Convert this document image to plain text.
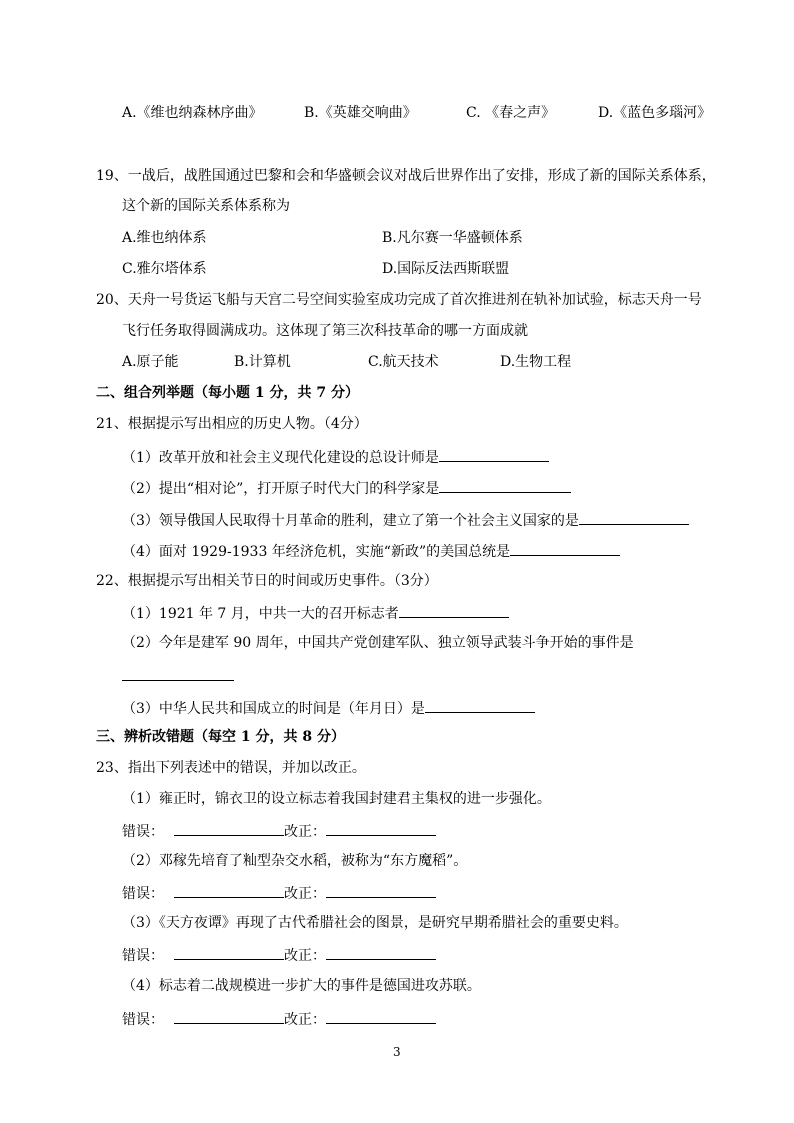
A.《维也纳森林序曲》	B.《英雄交响曲》	C. 《春之声》	D.《蓝色多瑙河》
19、一战后，战胜国通过巴黎和会和华盛顿会议对战后世界作出了安排，形成了新的国际关系体系，
这个新的国际关系体系称为
A.维也纳体系	B.凡尔赛一华盛顿体系
C.雅尔塔体系	D.国际反法西斯联盟
20、天舟一号货运飞船与天宫二号空间实验室成功完成了首次推进剂在轨补加试验，标志天舟一号
飞行任务取得圆满成功。这体现了第三次科技革命的哪一方面成就
A.原子能	B.计算机	C.航天技术	D.生物工程
二、组合列举题（每小题 1 分，共 7 分）
21、根据提示写出相应的历史人物。（4分）
（1）改革开放和社会主义现代化建设的总设计师是
（2）提出“相对论”，打开原子时代大门的科学家是
（3）领导俄国人民取得十月革命的胜利，建立了第一个社会主义国家的是
（4）面对 1929-1933 年经济危机，实施“新政”的美国总统是
22、根据提示写出相关节日的时间或历史事件。（3分）
（1）1921 年 7 月，中共一大的召开标志者
（2）今年是建军 90 周年，中国共产党创建军队、独立领导武装斗争开始的事件是
（3）中华人民共和国成立的时间是（年月日）是
三、辨析改错题（每空 1 分，共 8 分）
23、指出下列表述中的错误，并加以改正。
（1）雍正时，锦衣卫的设立标志着我国封建君主集权的进一步强化。
错误：	改正：
（2）邓稼先培育了籼型杂交水稻，被称为“东方魔稻”。
错误：	改正：
（3）《天方夜谭》再现了古代希腊社会的图景，是研究早期希腊社会的重要史料。
错误：	改正：
（4）标志着二战规模进一步扩大的事件是德国进攻苏联。
错误：	改正：
3
